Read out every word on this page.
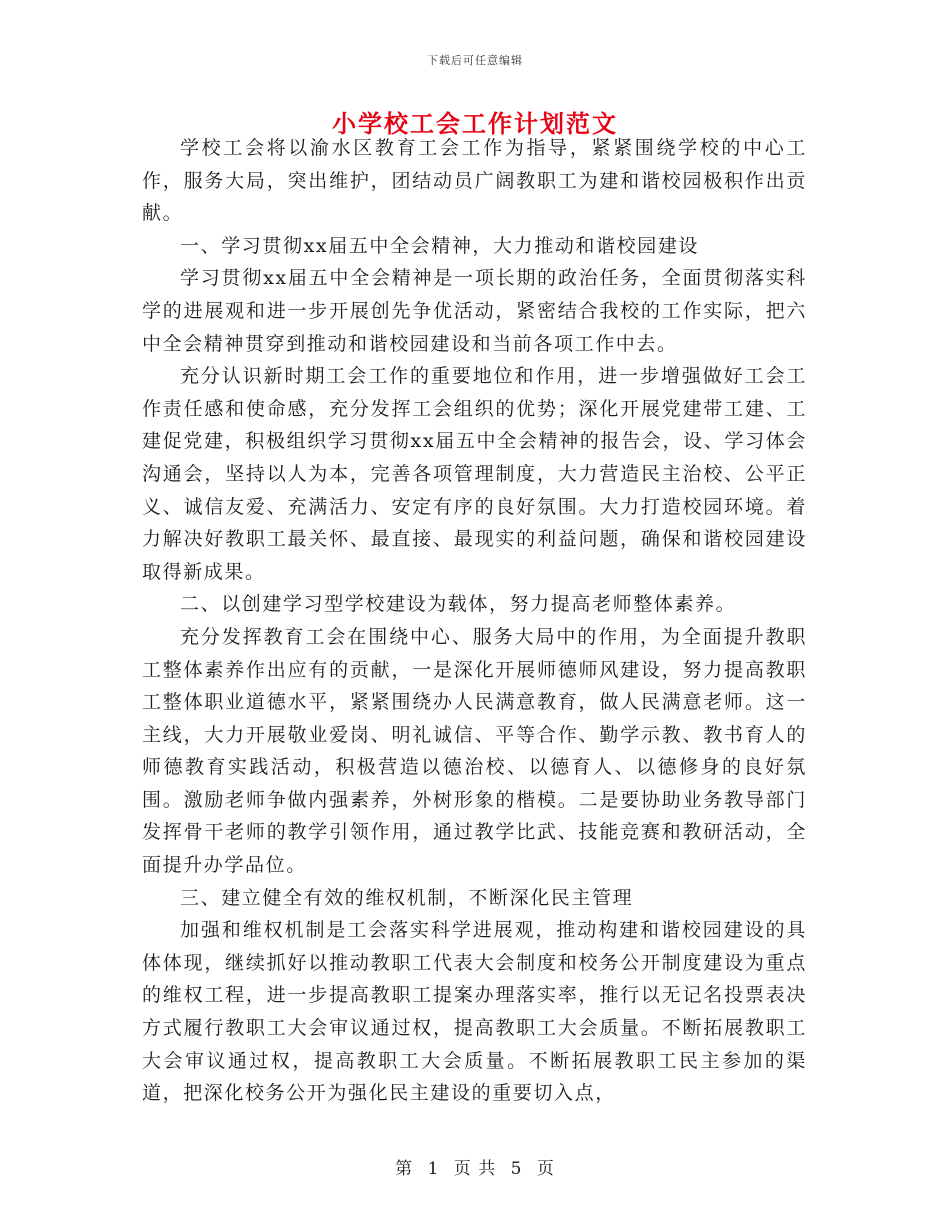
下载后可任意编辑
小学校工会工作计划范文

学校工会将以渝水区教育工会工作为指导，紧紧围绕学校的中心工作，服务大局，突出维护，团结动员广阔教职工为建和谐校园极积作出贡献。

一、学习贯彻xx届五中全会精神，大力推动和谐校园建设

学习贯彻xx届五中全会精神是一项长期的政治任务，全面贯彻落实科学的进展观和进一步开展创先争优活动，紧密结合我校的工作实际，把六中全会精神贯穿到推动和谐校园建设和当前各项工作中去。

充分认识新时期工会工作的重要地位和作用，进一步增强做好工会工作责任感和使命感，充分发挥工会组织的优势；深化开展党建带工建、工建促党建，积极组织学习贯彻xx届五中全会精神的报告会，设、学习体会沟通会，坚持以人为本，完善各项管理制度，大力营造民主治校、公平正义、诚信友爱、充满活力、安定有序的良好氛围。大力打造校园环境。着力解决好教职工最关怀、最直接、最现实的利益问题，确保和谐校园建设取得新成果。

二、以创建学习型学校建设为载体，努力提高老师整体素养。

充分发挥教育工会在围绕中心、服务大局中的作用，为全面提升教职工整体素养作出应有的贡献，一是深化开展师德师风建设，努力提高教职工整体职业道德水平，紧紧围绕办人民满意教育，做人民满意老师。这一主线，大力开展敬业爱岗、明礼诚信、平等合作、勤学示教、教书育人的师德教育实践活动，积极营造以德治校、以德育人、以德修身的良好氛围。激励老师争做内强素养，外树形象的楷模。二是要协助业务教导部门发挥骨干老师的教学引领作用，通过教学比武、技能竞赛和教研活动，全面提升办学品位。

三、建立健全有效的维权机制，不断深化民主管理

加强和维权机制是工会落实科学进展观，推动构建和谐校园建设的具体体现，继续抓好以推动教职工代表大会制度和校务公开制度建设为重点的维权工程，进一步提高教职工提案办理落实率，推行以无记名投票表决方式履行教职工大会审议通过权，提高教职工大会质量。不断拓展教职工大会审议通过权，提高教职工大会质量。不断拓展教职工民主参加的渠道，把深化校务公开为强化民主建设的重要切入点，

第 1 页 共 5 页
